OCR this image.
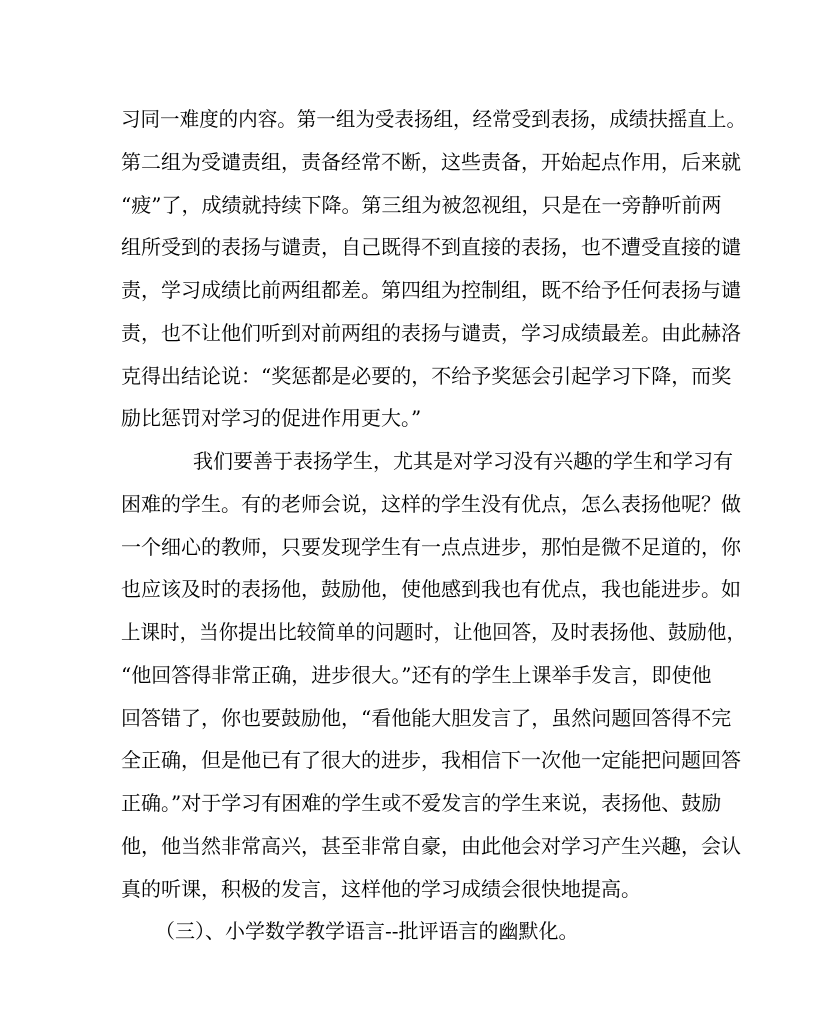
习同一难度的内容。第一组为受表扬组，经常受到表扬，成绩扶摇直上。
第二组为受谴责组，责备经常不断，这些责备，开始起点作用，后来就
“疲”了，成绩就持续下降。第三组为被忽视组，只是在一旁静听前两
组所受到的表扬与谴责，自己既得不到直接的表扬，也不遭受直接的谴
责，学习成绩比前两组都差。第四组为控制组，既不给予任何表扬与谴
责，也不让他们听到对前两组的表扬与谴责，学习成绩最差。由此赫洛
克得出结论说：“奖惩都是必要的，不给予奖惩会引起学习下降，而奖
励比惩罚对学习的促进作用更大。”
我们要善于表扬学生，尤其是对学习没有兴趣的学生和学习有
困难的学生。有的老师会说，这样的学生没有优点，怎么表扬他呢？做
一个细心的教师，只要发现学生有一点点进步，那怕是微不足道的，你
也应该及时的表扬他，鼓励他，使他感到我也有优点，我也能进步。如
上课时，当你提出比较简单的问题时，让他回答，及时表扬他、鼓励他，
“他回答得非常正确，进步很大。”还有的学生上课举手发言，即使他
回答错了，你也要鼓励他，“看他能大胆发言了，虽然问题回答得不完
全正确，但是他已有了很大的进步，我相信下一次他一定能把问题回答
正确。”对于学习有困难的学生或不爱发言的学生来说，表扬他、鼓励
他，他当然非常高兴，甚至非常自豪，由此他会对学习产生兴趣，会认
真的听课，积极的发言，这样他的学习成绩会很快地提高。
（三）、小学数学教学语言--批评语言的幽默化。
